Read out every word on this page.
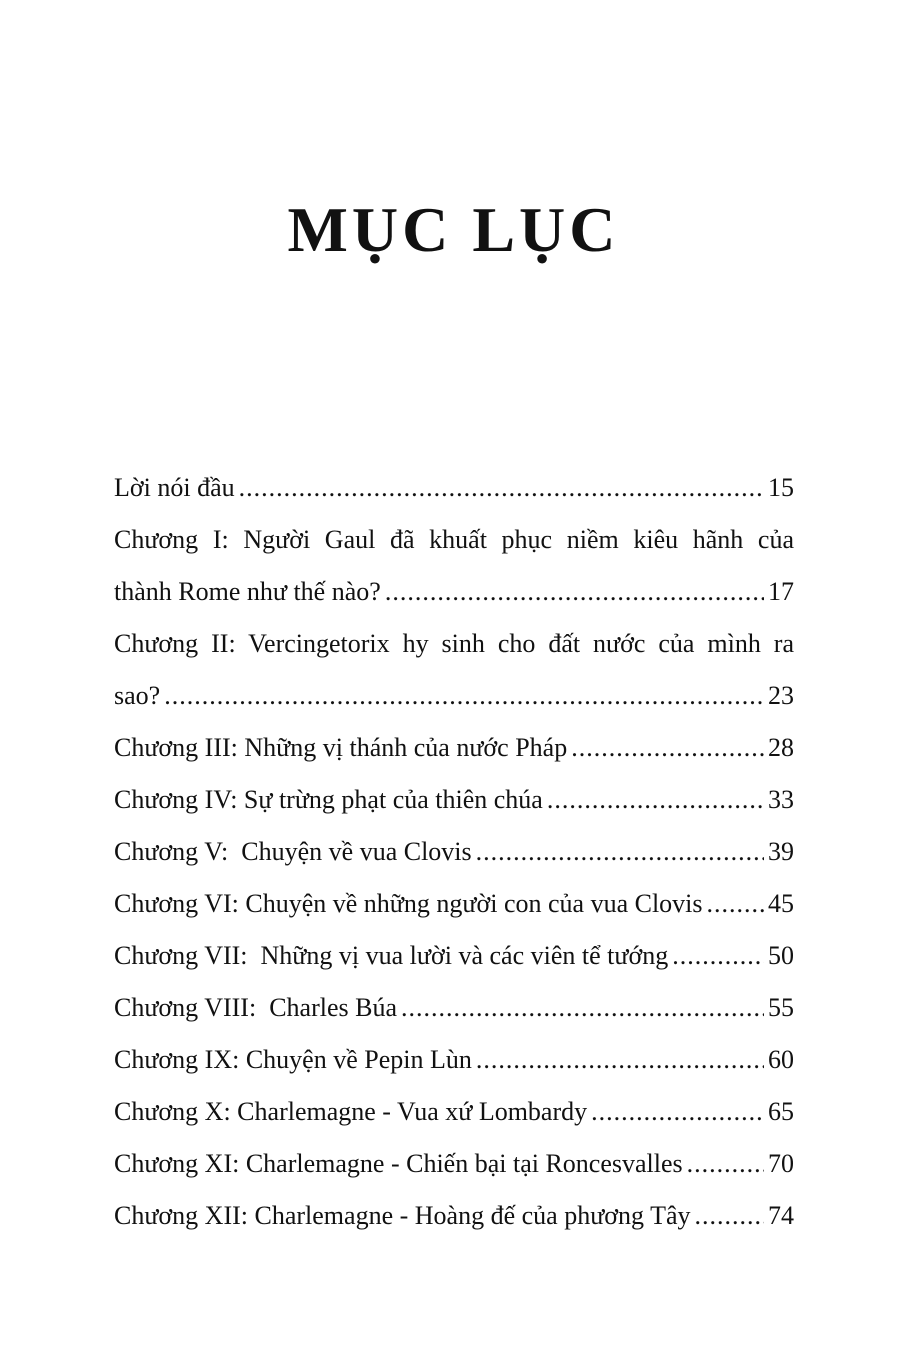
MỤC LỤC
Lời nói đầu .....	15
Chương I: Người Gaul đã khuất phục niềm kiêu hãnh của
thành Rome như thế nào? .....	17
Chương II: Vercingetorix hy sinh cho đất nước của mình ra
sao? .....	23
Chương III: Những vị thánh của nước Pháp .....	28
Chương IV: Sự trừng phạt của thiên chúa .....	33
Chương V:  Chuyện về vua Clovis .....	39
Chương VI: Chuyện về những người con của vua Clovis .....	45
Chương VII:  Những vị vua lười và các viên tể tướng .....	50
Chương VIII:  Charles Búa .....	55
Chương IX: Chuyện về Pepin Lùn .....	60
Chương X: Charlemagne - Vua xứ Lombardy .....	65
Chương XI: Charlemagne - Chiến bại tại Roncesvalles .....	70
Chương XII: Charlemagne - Hoàng đế của phương Tây .....	74
